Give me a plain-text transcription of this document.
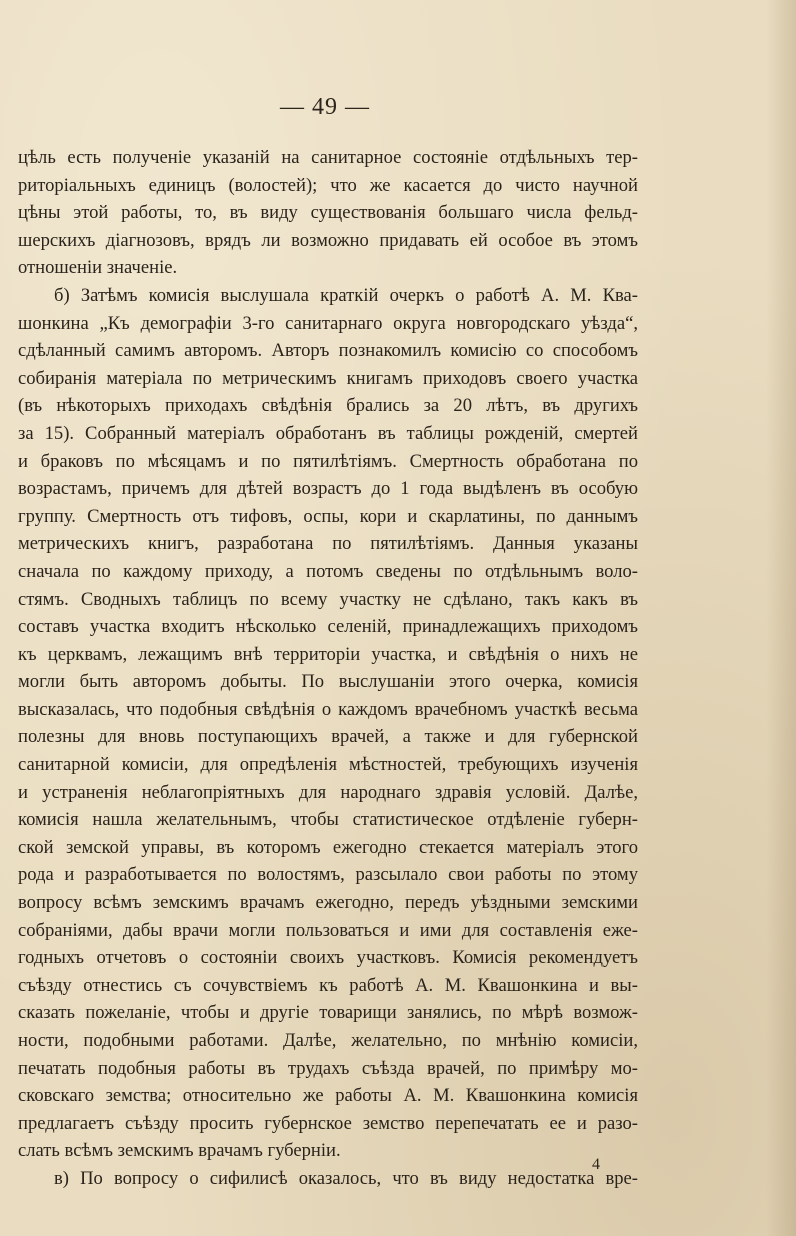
— 49 —
цѣль есть полученіе указаній на санитарное состояніе отдѣльныхъ тер-
риторіальныхъ единицъ (волостей); что же касается до чисто научной
цѣны этой работы, то, въ виду существованія большаго числа фельд-
шерскихъ діагнозовъ, врядъ ли возможно придавать ей особое въ этомъ
отношеніи значеніе.
б) Затѣмъ комисія выслушала краткій очеркъ о работѣ А. М. Ква-
шонкина „Къ демографіи 3-го санитарнаго округа новгородскаго уѣзда“,
сдѣланный самимъ авторомъ. Авторъ познакомилъ комисію со способомъ
собиранія матеріала по метрическимъ книгамъ приходовъ своего участка
(въ нѣкоторыхъ приходахъ свѣдѣнія брались за 20 лѣтъ, въ другихъ
за 15). Собранный матеріалъ обработанъ въ таблицы рожденій, смертей
и браковъ по мѣсяцамъ и по пятилѣтіямъ. Смертность обработана по
возрастамъ, причемъ для дѣтей возрастъ до 1 года выдѣленъ въ особую
группу. Смертность отъ тифовъ, оспы, кори и скарлатины, по даннымъ
метрическихъ книгъ, разработана по пятилѣтіямъ. Данныя указаны
сначала по каждому приходу, а потомъ сведены по отдѣльнымъ воло-
стямъ. Сводныхъ таблицъ по всему участку не сдѣлано, такъ какъ въ
составъ участка входитъ нѣсколько селеній, принадлежащихъ приходомъ
къ церквамъ, лежащимъ внѣ территоріи участка, и свѣдѣнія о нихъ не
могли быть авторомъ добыты. По выслушаніи этого очерка, комисія
высказалась, что подобныя свѣдѣнія о каждомъ врачебномъ участкѣ весьма
полезны для вновь поступающихъ врачей, а также и для губернской
санитарной комисіи, для опредѣленія мѣстностей, требующихъ изученія
и устраненія неблагопріятныхъ для народнаго здравія условій. Далѣе,
комисія нашла желательнымъ, чтобы статистическое отдѣленіе губерн-
ской земской управы, въ которомъ ежегодно стекается матеріалъ этого
рода и разработывается по волостямъ, разсылало свои работы по этому
вопросу всѣмъ земскимъ врачамъ ежегодно, передъ уѣздными земскими
собраніями, дабы врачи могли пользоваться и ими для составленія еже-
годныхъ отчетовъ о состояніи своихъ участковъ. Комисія рекомендуетъ
съѣзду отнестись съ сочувствіемъ къ работѣ А. М. Квашонкина и вы-
сказать пожеланіе, чтобы и другіе товарищи занялись, по мѣрѣ возмож-
ности, подобными работами. Далѣе, желательно, по мнѣнію комисіи,
печатать подобныя работы въ трудахъ съѣзда врачей, по примѣру мо-
сковскаго земства; относительно же работы А. М. Квашонкина комисія
предлагаетъ съѣзду просить губернское земство перепечатать ее и разо-
слать всѣмъ земскимъ врачамъ губерніи.
в) По вопросу о сифилисѣ оказалось, что въ виду недостатка вре-
4
